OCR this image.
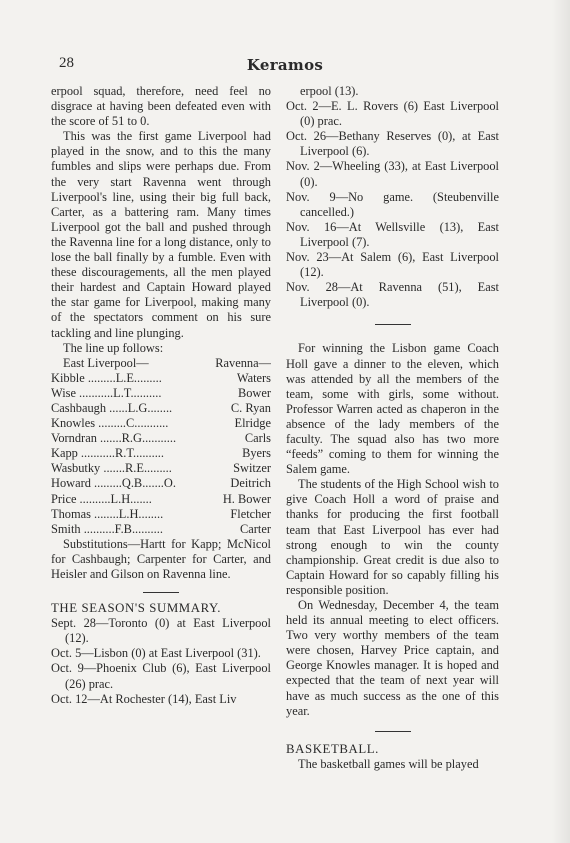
28	Keramos

erpool squad, therefore, need feel no disgrace at having been defeated even with the score of 51 to 0.

This was the first game Liverpool had played in the snow, and to this the many fumbles and slips were perhaps due. From the very start Ravenna went through Liverpool's line, using their big full back, Carter, as a battering ram. Many times Liverpool got the ball and pushed through the Ravenna line for a long distance, only to lose the ball finally by a fumble. Even with these discouragements, all the men played their hardest and Captain Howard played the star game for Liverpool, making many of the spectators comment on his sure tackling and line plunging.

The line up follows:

East Liverpool—	Ravenna—
Kibble .........L.E.........	Waters
Wise ...........L.T..........	Bower
Cashbaugh ......L.G........	C. Ryan
Knowles .........C...........	Elridge
Vorndran .......R.G...........	Carls
Kapp ...........R.T..........	Byers
Wasbutky .......R.E.........	Switzer
Howard .........Q.B.......O.	Deitrich
Price ..........L.H.......	H. Bower
Thomas ........L.H........	Fletcher
Smith ..........F.B..........	Carter

Substitutions—Hartt for Kapp; McNicol for Cashbaugh; Carpenter for Carter, and Heisler and Gilson on Ravenna line.

THE SEASON'S SUMMARY.

Sept. 28—Toronto (0) at East Liverpool (12).

Oct. 5—Lisbon (0) at East Liverpool (31).

Oct. 9—Phoenix Club (6), East Liverpool (26) prac.

Oct. 12—At Rochester (14), East Liv

erpool (13).

Oct. 2—E. L. Rovers (6) East Liverpool (0) prac.

Oct. 26—Bethany Reserves (0), at East Liverpool (6).

Nov. 2—Wheeling (33), at East Liverpool (0).

Nov. 9—No game. (Steubenville cancelled.)

Nov. 16—At Wellsville (13), East Liverpool (7).

Nov. 23—At Salem (6), East Liverpool (12).

Nov. 28—At Ravenna (51), East Liverpool (0).

For winning the Lisbon game Coach Holl gave a dinner to the eleven, which was attended by all the members of the team, some with girls, some without. Professor Warren acted as chaperon in the absence of the lady members of the faculty. The squad also has two more “feeds” coming to them for winning the Salem game.

The students of the High School wish to give Coach Holl a word of praise and thanks for producing the first football team that East Liverpool has ever had strong enough to win the county championship. Great credit is due also to Captain Howard for so capably filling his responsible position.

On Wednesday, December 4, the team held its annual meeting to elect officers. Two very worthy members of the team were chosen, Harvey Price captain, and George Knowles manager. It is hoped and expected that the team of next year will have as much success as the one of this year.

BASKETBALL.

The basketball games will be played
